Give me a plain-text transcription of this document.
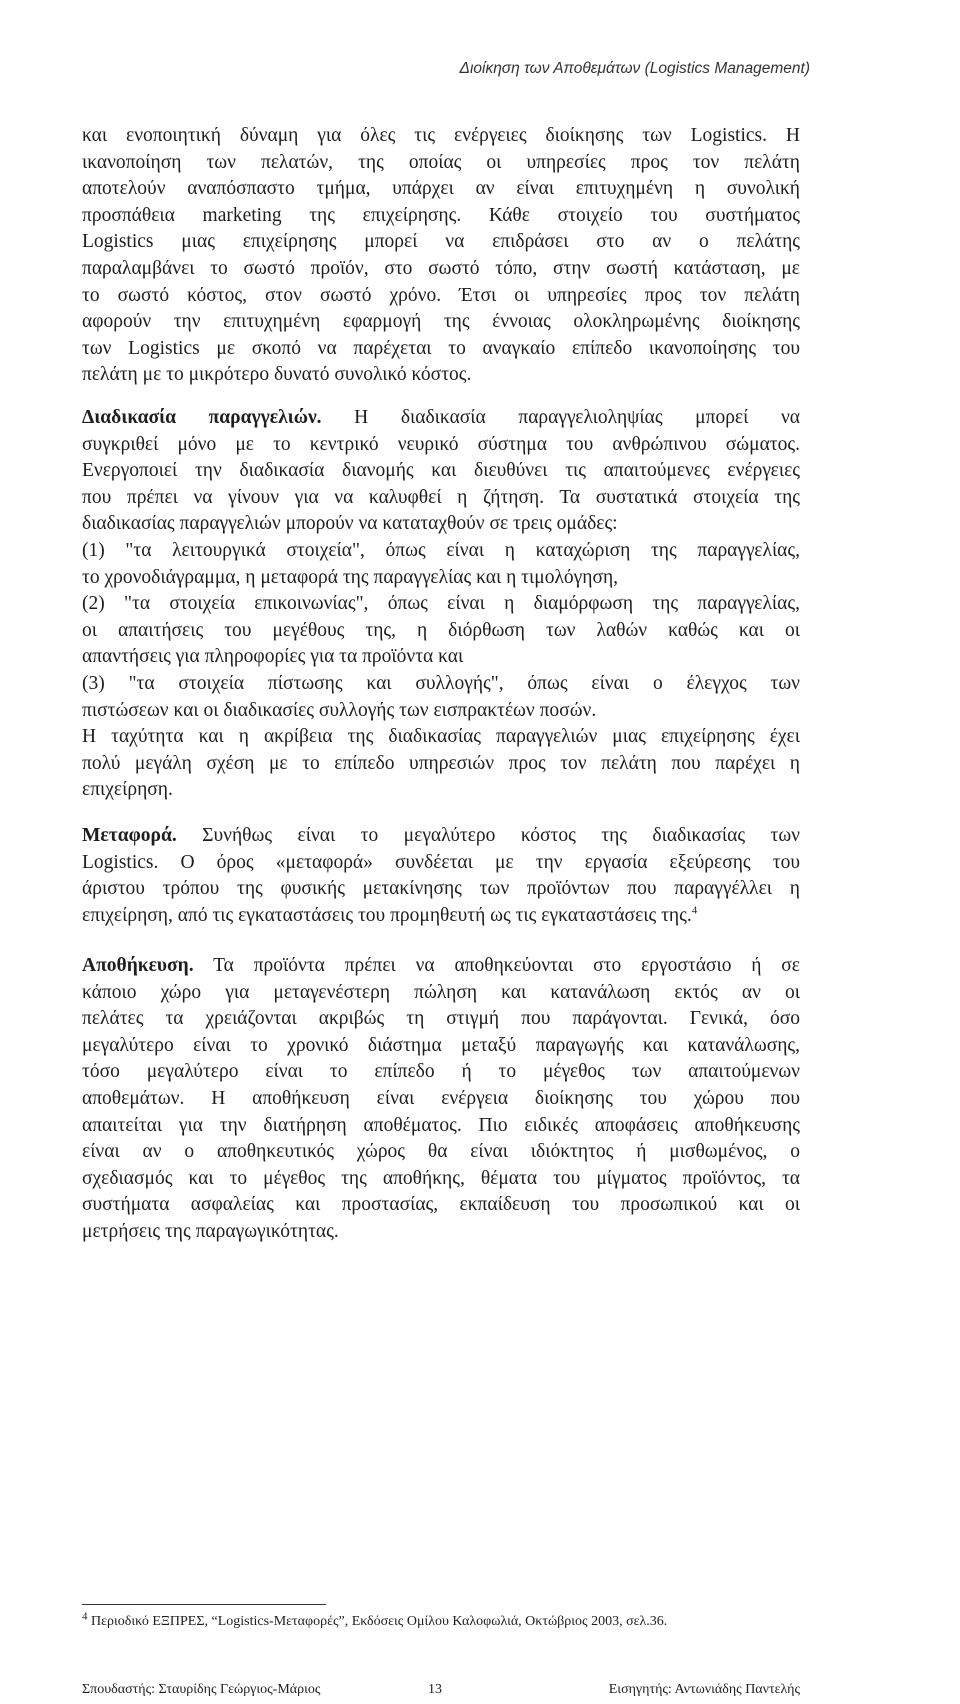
Διοίκηση των Αποθεμάτων (Logistics Management)
και ενοποιητική δύναμη για όλες τις ενέργειες διοίκησης των Logistics. Η
ικανοποίηση των πελατών, της οποίας οι υπηρεσίες προς τον πελάτη
αποτελούν αναπόσπαστο τμήμα, υπάρχει αν είναι επιτυχημένη η συνολική
προσπάθεια marketing της επιχείρησης. Κάθε στοιχείο του συστήματος
Logistics μιας επιχείρησης μπορεί να επιδράσει στο αν ο πελάτης
παραλαμβάνει το σωστό προϊόν, στο σωστό τόπο, στην σωστή κατάσταση, με
το σωστό κόστος, στον σωστό χρόνο. Έτσι οι υπηρεσίες προς τον πελάτη
αφορούν την επιτυχημένη εφαρμογή της έννοιας ολοκληρωμένης διοίκησης
των Logistics με σκοπό να παρέχεται το αναγκαίο επίπεδο ικανοποίησης του
πελάτη με το μικρότερο δυνατό συνολικό κόστος.
Διαδικασία παραγγελιών. Η διαδικασία παραγγελιοληψίας μπορεί να
συγκριθεί μόνο με το κεντρικό νευρικό σύστημα του ανθρώπινου σώματος.
Ενεργοποιεί την διαδικασία διανομής και διευθύνει τις απαιτούμενες ενέργειες
που πρέπει να γίνουν για να καλυφθεί η ζήτηση. Τα συστατικά στοιχεία της
διαδικασίας παραγγελιών μπορούν να καταταχθούν σε τρεις ομάδες:
(1) "τα λειτουργικά στοιχεία", όπως είναι η καταχώριση της παραγγελίας,
το χρονοδιάγραμμα, η μεταφορά της παραγγελίας και η τιμολόγηση,
(2) "τα στοιχεία επικοινωνίας", όπως είναι η διαμόρφωση της παραγγελίας,
οι απαιτήσεις του μεγέθους της, η διόρθωση των λαθών καθώς και οι
απαντήσεις για πληροφορίες για τα προϊόντα και
(3) "τα στοιχεία πίστωσης και συλλογής", όπως είναι ο έλεγχος των
πιστώσεων και οι διαδικασίες συλλογής των εισπρακτέων ποσών.
Η ταχύτητα και η ακρίβεια της διαδικασίας παραγγελιών μιας επιχείρησης έχει
πολύ μεγάλη σχέση με το επίπεδο υπηρεσιών προς τον πελάτη που παρέχει η
επιχείρηση.
Μεταφορά. Συνήθως είναι το μεγαλύτερο κόστος της διαδικασίας των
Logistics. Ο όρος «μεταφορά» συνδέεται με την εργασία εξεύρεσης του
άριστου τρόπου της φυσικής μετακίνησης των προϊόντων που παραγγέλλει η
επιχείρηση, από τις εγκαταστάσεις του προμηθευτή ως τις εγκαταστάσεις της.$^4$
Αποθήκευση. Τα προϊόντα πρέπει να αποθηκεύονται στο εργοστάσιο ή σε
κάποιο χώρο για μεταγενέστερη πώληση και κατανάλωση εκτός αν οι
πελάτες τα χρειάζονται ακριβώς τη στιγμή που παράγονται. Γενικά, όσο
μεγαλύτερο είναι το χρονικό διάστημα μεταξύ παραγωγής και κατανάλωσης,
τόσο μεγαλύτερο είναι το επίπεδο ή το μέγεθος των απαιτούμενων
αποθεμάτων. Η αποθήκευση είναι ενέργεια διοίκησης του χώρου που
απαιτείται για την διατήρηση αποθέματος. Πιο ειδικές αποφάσεις αποθήκευσης
είναι αν ο αποθηκευτικός χώρος θα είναι ιδιόκτητος ή μισθωμένος, ο
σχεδιασμός και το μέγεθος της αποθήκης, θέματα του μίγματος προϊόντος, τα
συστήματα ασφαλείας και προστασίας, εκπαίδευση του προσωπικού και οι
μετρήσεις της παραγωγικότητας.
$^4$ Περιοδικό ΕΞΠΡΕΣ, “Logistics-Μεταφορές”, Εκδόσεις Ομίλου Καλοφωλιά, Οκτώβριος 2003, σελ.36.
Σπουδαστής: Σταυρίδης Γεώργιος-Μάριος	13	Εισηγητής: Αντωνιάδης Παντελής
